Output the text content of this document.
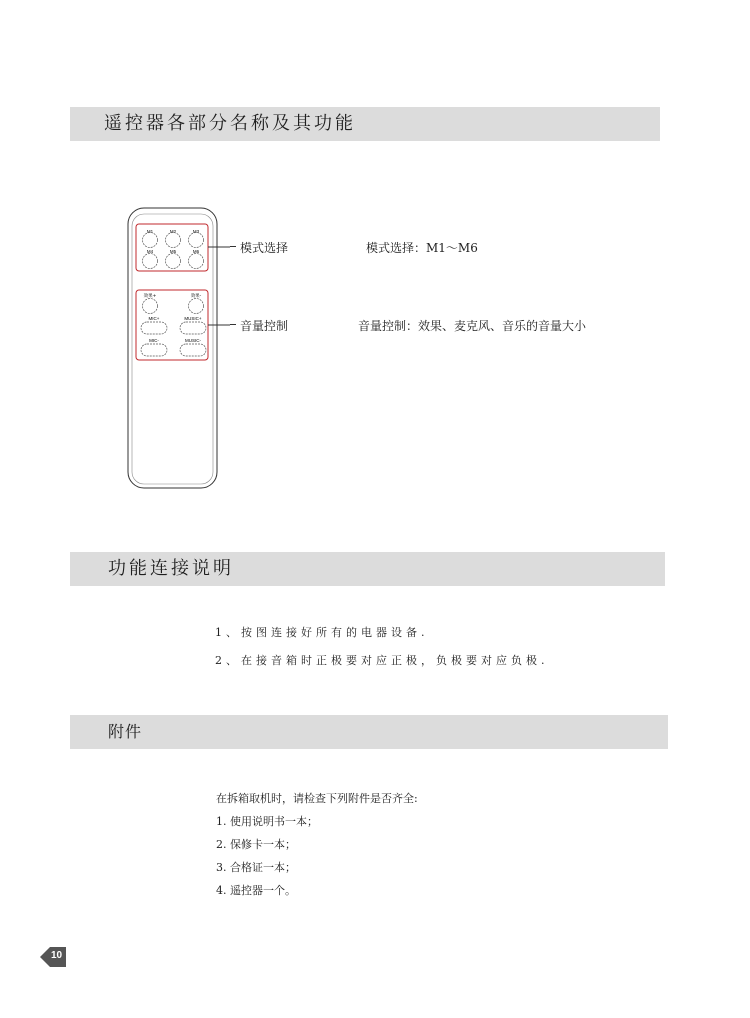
遥控器各部分名称及其功能
M1	M2	M3
M4	M5	M6
效果+	效果-
MIC+	MUSIC+
MIC-	MUSIC-
模式选择
音量控制
模式选择：M1～M6
音量控制：效果、麦克风、音乐的音量大小
功能连接说明
1、按图连接好所有的电器设备.
2、在接音箱时正极要对应正极，负极要对应负极.
附件
在拆箱取机时，请检查下列附件是否齐全:
1. 使用说明书一本；
2. 保修卡一本；
3. 合格证一本；
4. 遥控器一个。
10
